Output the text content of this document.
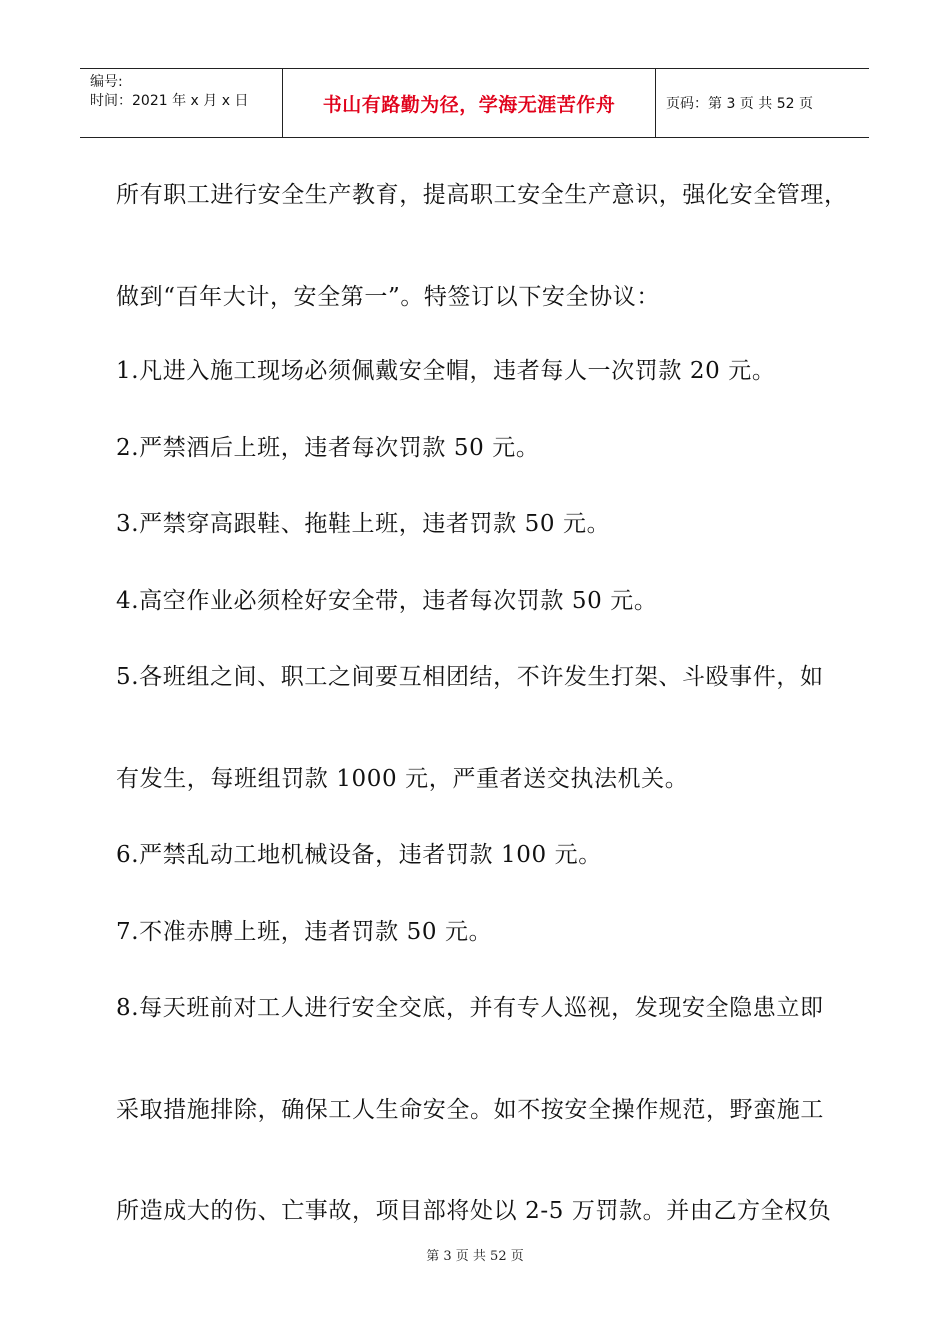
编号:
时间：2021 年 x 月 x 日	书山有路勤为径，学海无涯苦作舟	页码：第 3 页 共 52 页
所有职工进行安全生产教育，提高职工安全生产意识，强化安全管理，
做到“百年大计，安全第一”。特签订以下安全协议：
1.凡进入施工现场必须佩戴安全帽，违者每人一次罚款 20 元。
2.严禁酒后上班，违者每次罚款 50 元。
3.严禁穿高跟鞋、拖鞋上班，违者罚款 50 元。
4.高空作业必须栓好安全带，违者每次罚款 50 元。
5.各班组之间、职工之间要互相团结，不许发生打架、斗殴事件，如
有发生，每班组罚款 1000 元，严重者送交执法机关。
6.严禁乱动工地机械设备，违者罚款 100 元。
7.不准赤膊上班，违者罚款 50 元。
8.每天班前对工人进行安全交底，并有专人巡视，发现安全隐患立即
采取措施排除，确保工人生命安全。如不按安全操作规范，野蛮施工
所造成大的伤、亡事故，项目部将处以 2-5 万罚款。并由乙方全权负
第 3 页 共 52 页
